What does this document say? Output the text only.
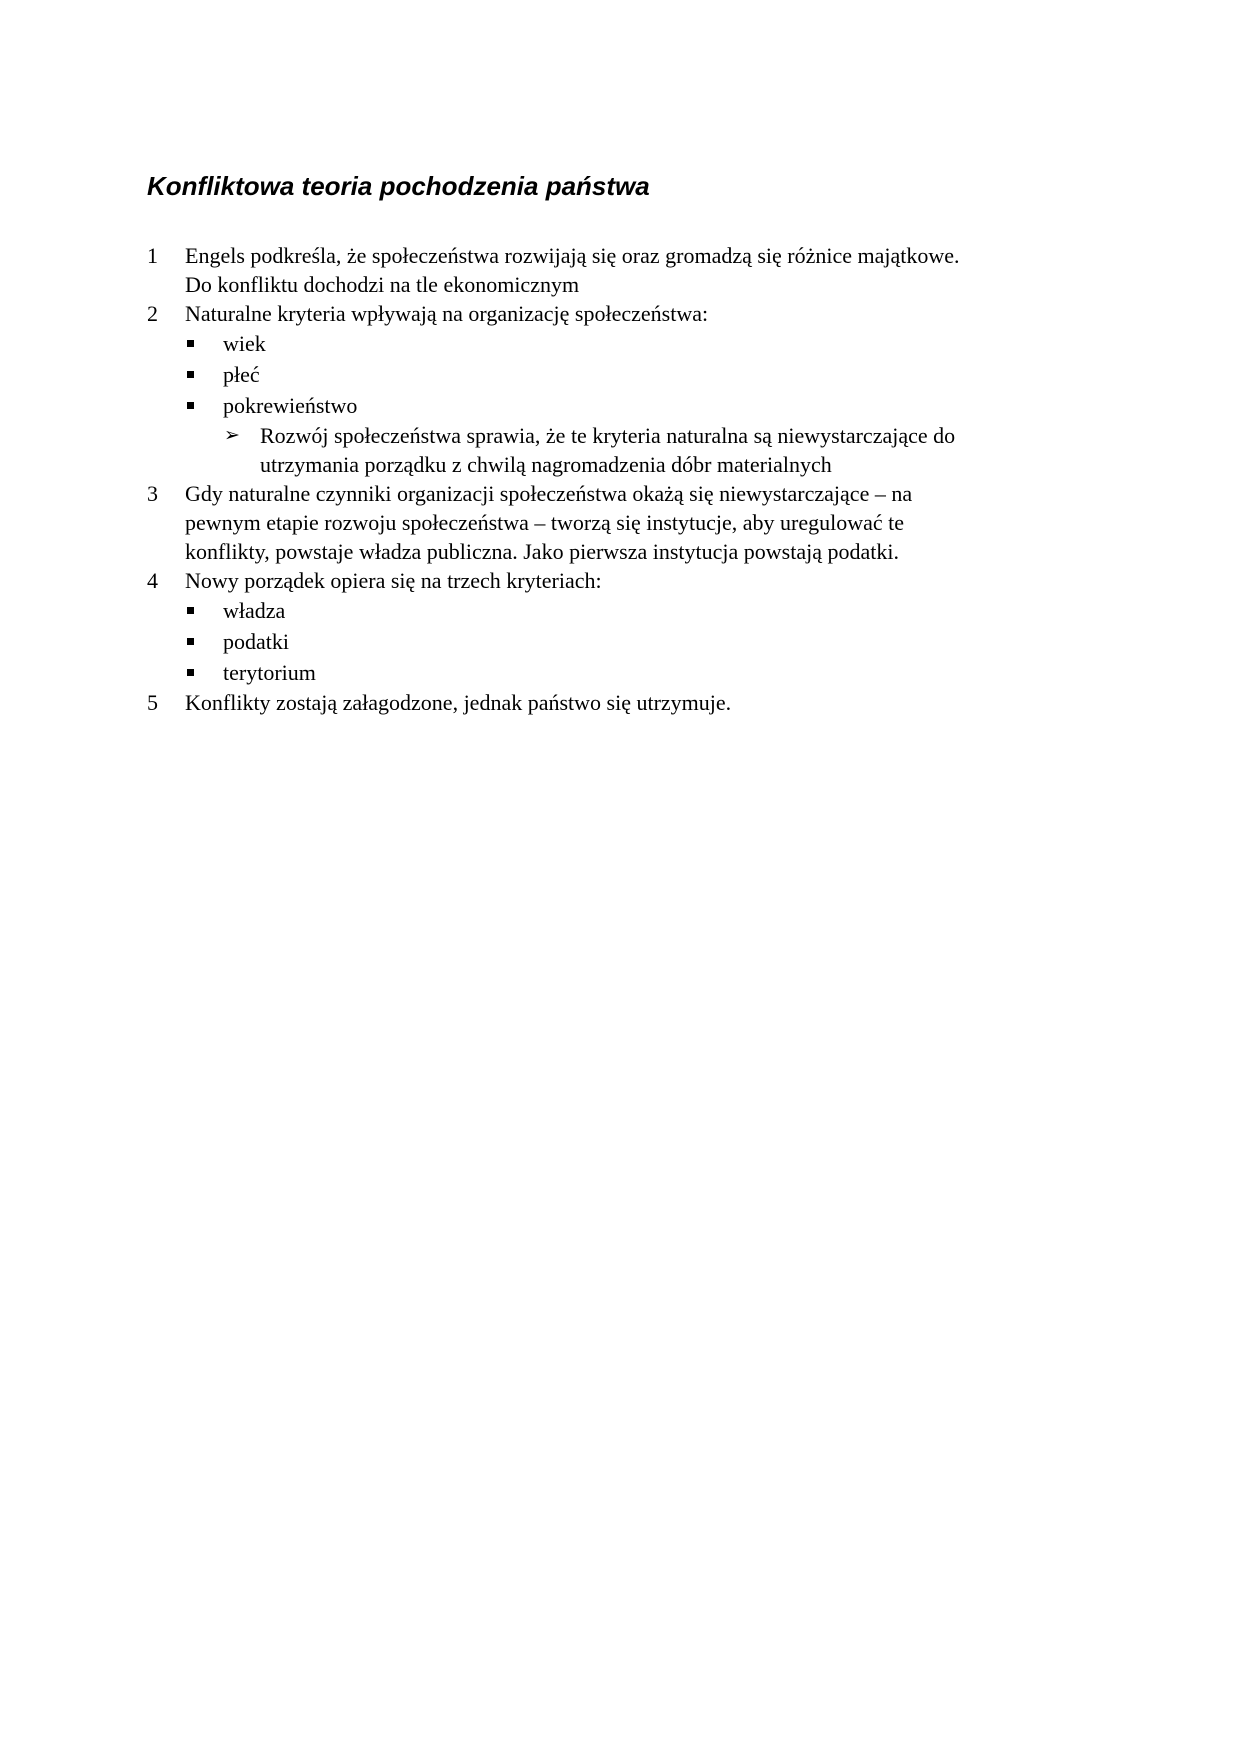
Konfliktowa teoria pochodzenia państwa
1 Engels podkreśla, że społeczeństwa rozwijają się oraz gromadzą się różnice majątkowe.
Do konfliktu dochodzi na tle ekonomicznym
2 Naturalne kryteria wpływają na organizację społeczeństwa:
wiek
płeć
pokrewieństwo
➢ Rozwój społeczeństwa sprawia, że te kryteria naturalna są niewystarczające do
utrzymania porządku z chwilą nagromadzenia dóbr materialnych
3 Gdy naturalne czynniki organizacji społeczeństwa okażą się niewystarczające – na
pewnym etapie rozwoju społeczeństwa – tworzą się instytucje, aby uregulować te
konflikty, powstaje władza publiczna. Jako pierwsza instytucja powstają podatki.
4 Nowy porządek opiera się na trzech kryteriach:
władza
podatki
terytorium
5 Konflikty zostają załagodzone, jednak państwo się utrzymuje.
